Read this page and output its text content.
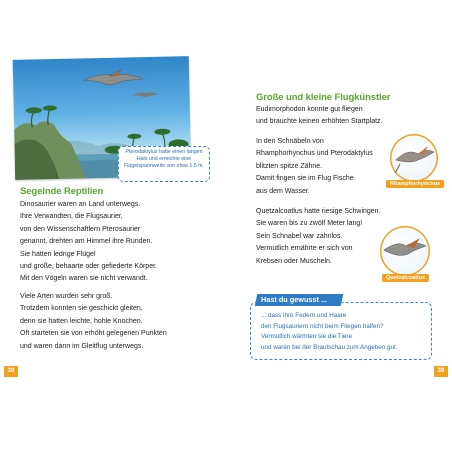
Pterodaktylus hatte einen langen Hals und erreichte eine Flügelspannweite von etwa 1,5 m.
Segelnde Reptilien

Dinosaurier waren an Land unterwegs.
Ihre Verwandten, die Flugsaurier,
von den Wissenschaftlern Pterosaurier
genannt, drehten am Himmel ihre Runden.
Sie hatten ledrige Flügel
und große, behaarte oder gefiederte Körper.
Mit den Vögeln waren sie nicht verwandt.

Viele Arten wurden sehr groß.
Trotzdem konnten sie geschickt gleiten,
denn sie hatten leichte, hohle Knochen.
Oft starteten sie von erhöht gelegenen Punkten
und waren dann im Gleitflug unterwegs.

38
Große und kleine Flugkünstler

Eudimorphodon konnte gut fliegen
und brauchte keinen erhöhten Startplatz.

In den Schnäbeln von
Rhamphorhynchus und Pterodaktylus
blitzten spitze Zähne.
Damit fingen sie im Flug Fische
aus dem Wasser.

Quetzalcoatlus hatte riesige Schwingen.
Sie waren bis zu zwölf Meter lang!
Sein Schnabel war zahnlos.
Vermutlich ernährte er sich von
Krebsen oder Muscheln.

Rhamphorhynchus
Quetzalcoatlus
... dass ihre Federn und Haare
den Flugsauriern nicht beim Fliegen halfen?
Vermutlich wärmten sie die Tiere
und waren bei der Brautschau zum Angeben gut.
Hast du gewusst ...
39
